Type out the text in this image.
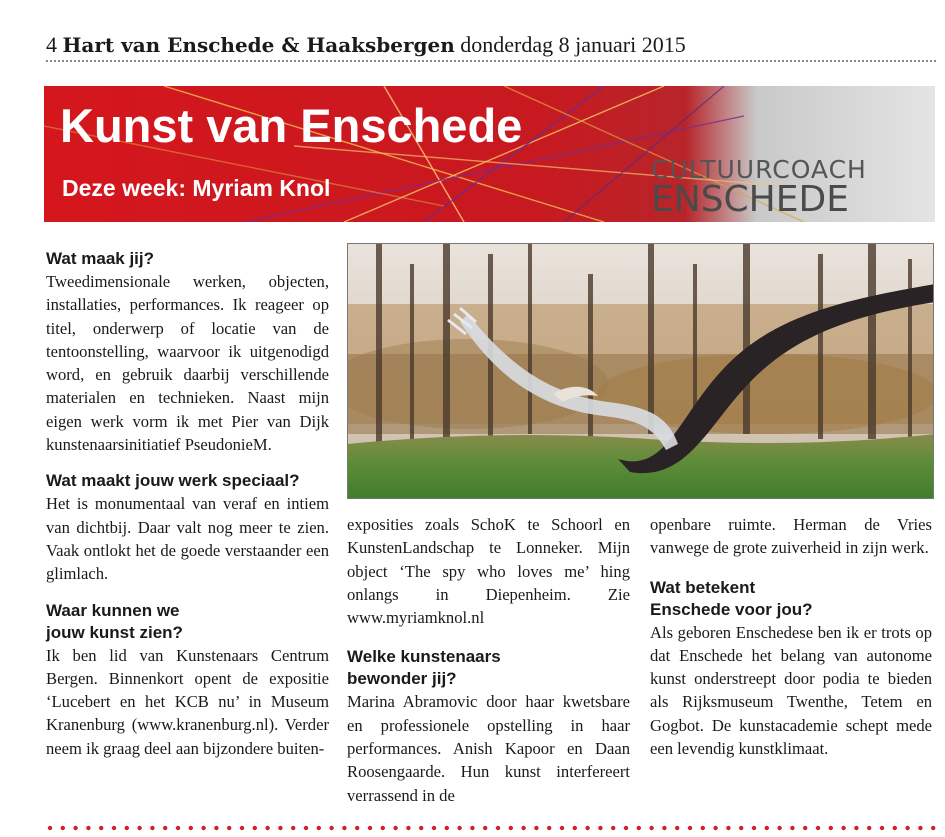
4 Hart van Enschede & Haaksbergen donderdag 8 januari 2015
Kunst van Enschede
Deze week: Myriam Knol
CULTUURCOACH
ENSCHEDE

Wat maak jij?

Tweedimensionale werken, objecten, installaties, performances. Ik reageer op titel, onderwerp of locatie van de tentoonstelling, waarvoor ik uitgenodigd word, en gebruik daarbij verschillende materialen en technieken. Naast mijn eigen werk vorm ik met Pier van Dijk kunstenaarsinitiatief PseudonieM.

Wat maakt jouw werk speciaal?

Het is monumentaal van veraf en intiem van dichtbij. Daar valt nog meer te zien. Vaak ontlokt het de goede verstaander een glimlach.

Waar kunnen we jouw kunst zien?

Ik ben lid van Kunstenaars Centrum Bergen. Binnenkort opent de expositie ‘Lucebert en het KCB nu’ in Museum Kranenburg (www.kranenburg.nl). Verder neem ik graag deel aan bijzondere buiten-

exposities zoals SchoK te Schoorl en KunstenLandschap te Lonneker. Mijn object ‘The spy who loves me’ hing onlangs in Diepenheim. Zie www.myriamknol.nl

Welke kunstenaars bewonder jij?

Marina Abramovic door haar kwetsbare en professionele opstelling in haar performances. Anish Kapoor en Daan Roosengaarde. Hun kunst interfereert verrassend in de

openbare ruimte. Herman de Vries vanwege de grote zuiverheid in zijn werk.

Wat betekent Enschede voor jou?

Als geboren Enschedese ben ik er trots op dat Enschede het belang van autonome kunst onderstreept door podia te bieden als Rijksmuseum Twenthe, Tetem en Gogbot. De kunstacademie schept mede een levendig kunstklimaat.
